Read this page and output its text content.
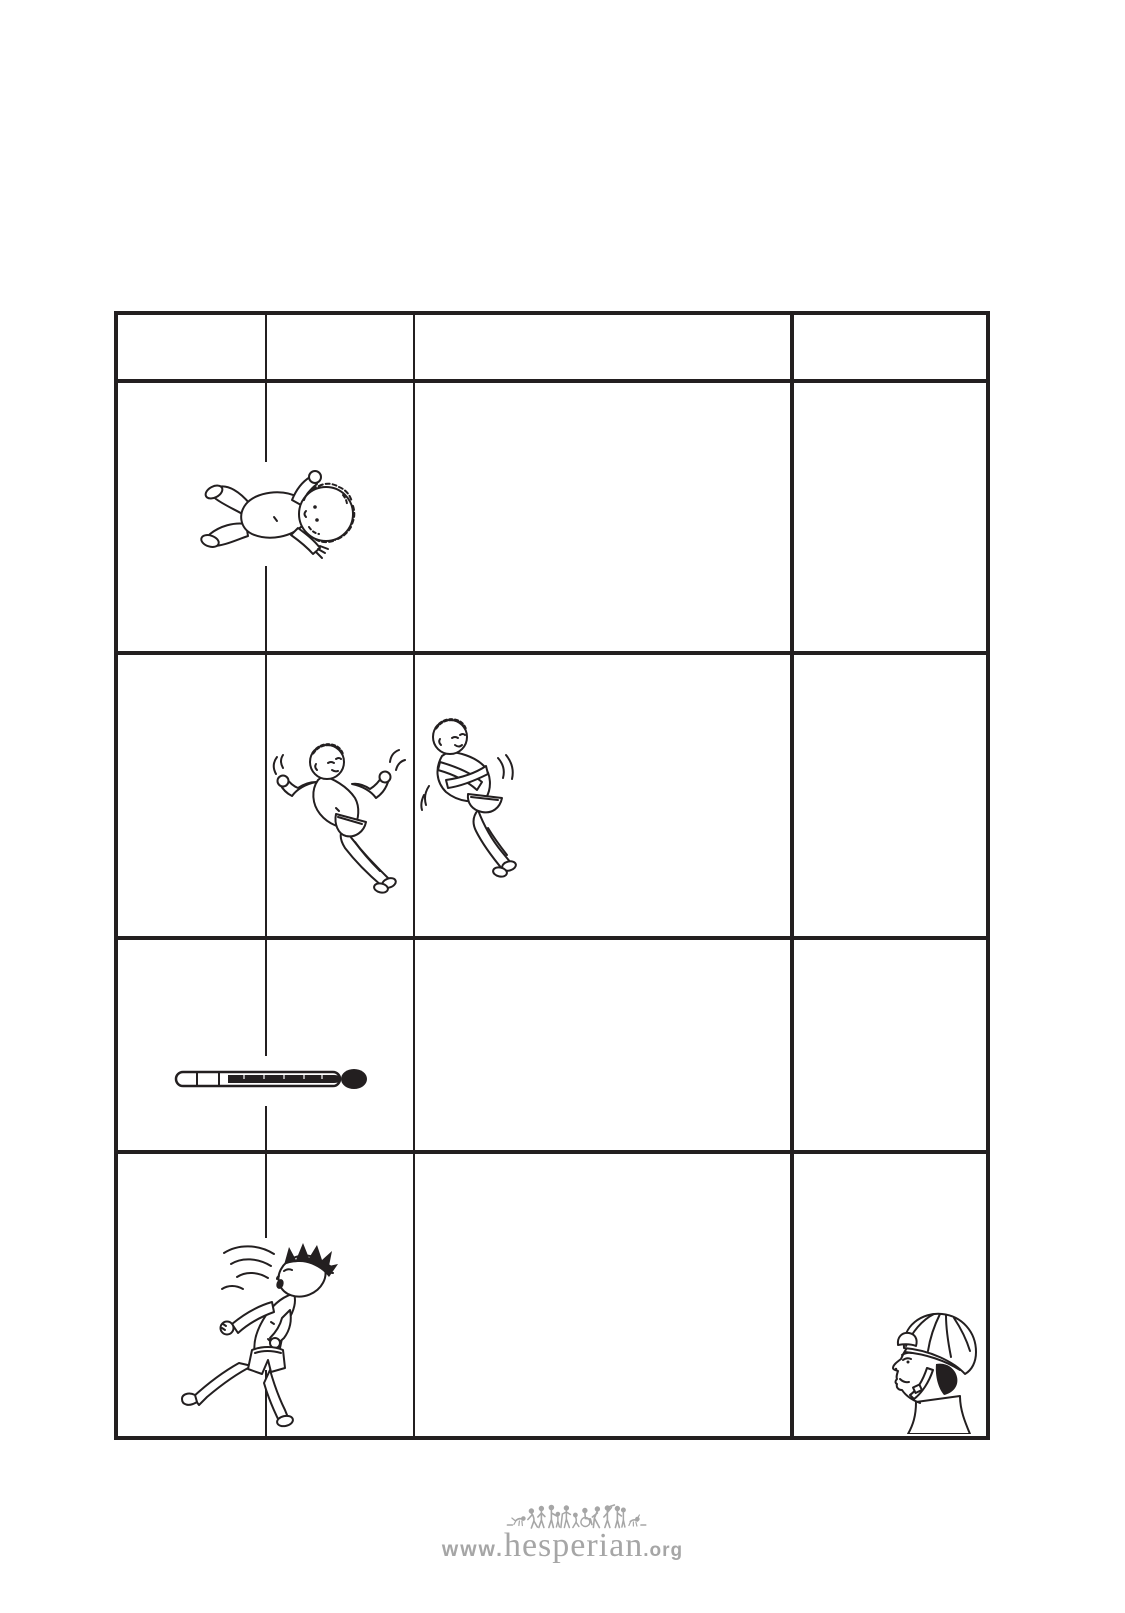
www. hesperian .org
